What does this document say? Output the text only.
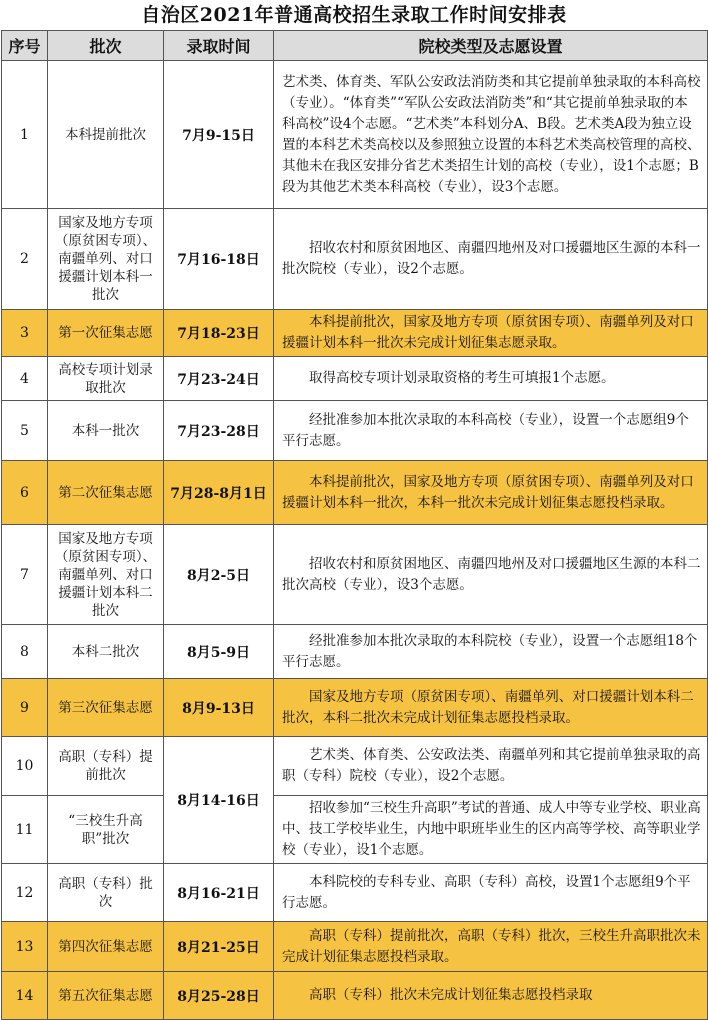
自治区2021年普通高校招生录取工作时间安排表
序号	批次	录取时间	院校类型及志愿设置
1	本科提前批次	7月9-15日	艺术类、体育类、军队公安政法消防类和其它提前单独录取的本科高校（专业）。“体育类”“军队公安政法消防类”和“其它提前单独录取的本科高校”设4个志愿。“艺术类”本科划分A、B段。艺术类A段为独立设置的本科艺术类高校以及参照独立设置的本科艺术类高校管理的高校、其他未在我区安排分省艺术类招生计划的高校（专业），设1个志愿；B段为其他艺术类本科高校（专业），设3个志愿。
2	国家及地方专项（原贫困专项）、南疆单列、对口援疆计划本科一批次	7月16-18日	招收农村和原贫困地区、南疆四地州及对口援疆地区生源的本科一批次院校（专业），设2个志愿。
3	第一次征集志愿	7月18-23日	本科提前批次，国家及地方专项（原贫困专项）、南疆单列及对口援疆计划本科一批次未完成计划征集志愿录取。
4	高校专项计划录取批次	7月23-24日	取得高校专项计划录取资格的考生可填报1个志愿。
5	本科一批次	7月23-28日	经批准参加本批次录取的本科高校（专业），设置一个志愿组9个平行志愿。
6	第二次征集志愿	7月28-8月1日	本科提前批次，国家及地方专项（原贫困专项）、南疆单列及对口援疆计划本科一批次，本科一批次未完成计划征集志愿投档录取。
7	国家及地方专项（原贫困专项）、南疆单列、对口援疆计划本科二批次	8月2-5日	招收农村和原贫困地区、南疆四地州及对口援疆地区生源的本科二批次高校（专业），设3个志愿。
8	本科二批次	8月5-9日	经批准参加本批次录取的本科院校（专业），设置一个志愿组18个平行志愿。
9	第三次征集志愿	8月9-13日	国家及地方专项（原贫困专项）、南疆单列、对口援疆计划本科二批次，本科二批次未完成计划征集志愿投档录取。
10	高职（专科）提前批次	8月14-16日	艺术类、体育类、公安政法类、南疆单列和其它提前单独录取的高职（专科）院校（专业），设2个志愿。
11	“三校生升高职”批次		招收参加“三校生升高职”考试的普通、成人中等专业学校、职业高中、技工学校毕业生，内地中职班毕业生的区内高等学校、高等职业学校（专业），设1个志愿。
12	高职（专科）批次	8月16-21日	本科院校的专科专业、高职（专科）高校，设置1个志愿组9个平行志愿。
13	第四次征集志愿	8月21-25日	高职（专科）提前批次，高职（专科）批次，三校生升高职批次未完成计划征集志愿投档录取。
14	第五次征集志愿	8月25-28日	高职（专科）批次未完成计划征集志愿投档录取
